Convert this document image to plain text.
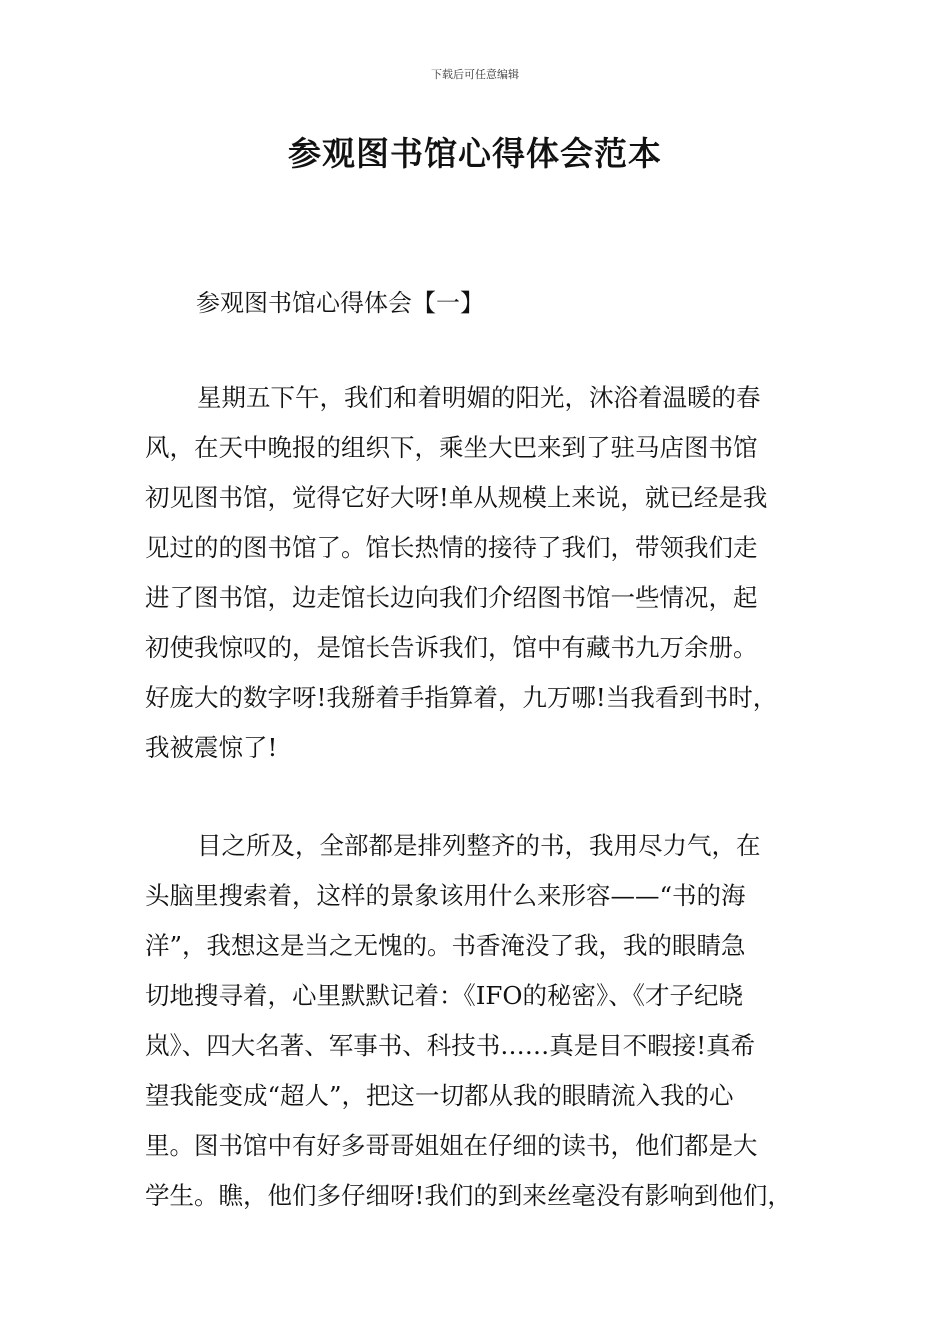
下载后可任意编辑
参观图书馆心得体会范本
参观图书馆心得体会【一】
星期五下午，我们和着明媚的阳光，沐浴着温暖的春
风，在天中晚报的组织下，乘坐大巴来到了驻马店图书馆
初见图书馆，觉得它好大呀!单从规模上来说，就已经是我
见过的的图书馆了。馆长热情的接待了我们，带领我们走
进了图书馆，边走馆长边向我们介绍图书馆一些情况，起
初使我惊叹的，是馆长告诉我们，馆中有藏书九万余册。
好庞大的数字呀!我掰着手指算着，九万哪!当我看到书时，
我被震惊了!
目之所及，全部都是排列整齐的书，我用尽力气，在
头脑里搜索着，这样的景象该用什么来形容——“书的海
洋”，我想这是当之无愧的。书香淹没了我，我的眼睛急
切地搜寻着，心里默默记着：《IFO的秘密》、《才子纪晓
岚》、四大名著、军事书、科技书……真是目不暇接!真希
望我能变成“超人”，把这一切都从我的眼睛流入我的心
里。图书馆中有好多哥哥姐姐在仔细的读书，他们都是大
学生。瞧，他们多仔细呀!我们的到来丝毫没有影响到他们，
